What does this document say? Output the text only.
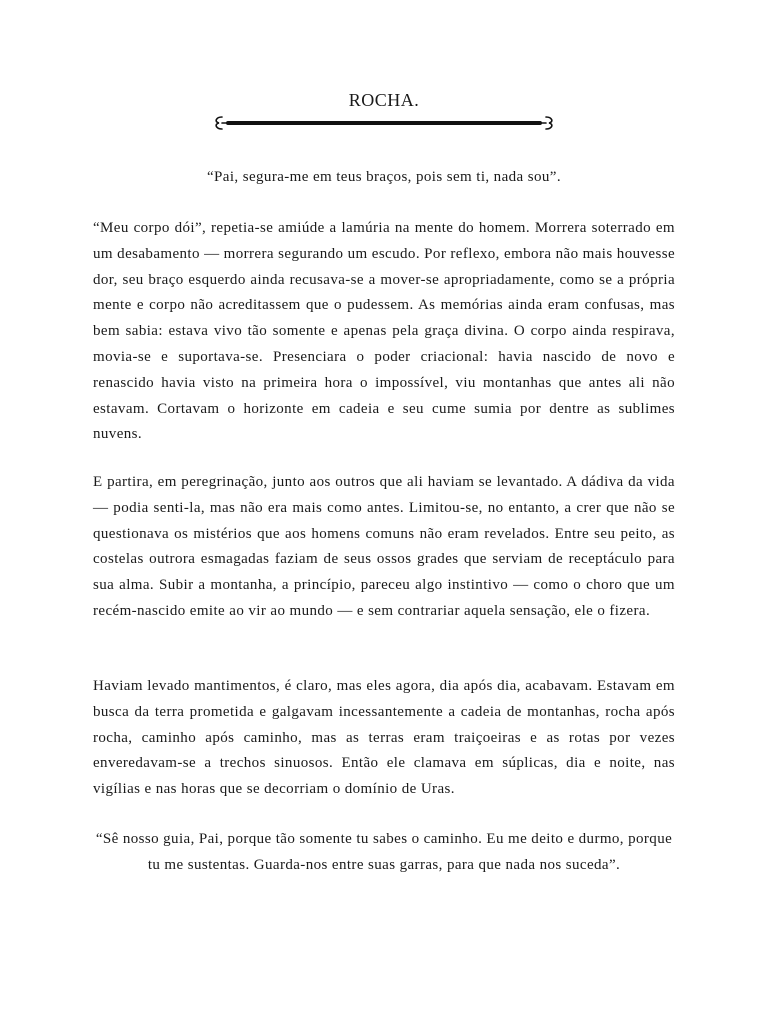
ROCHA.
“Pai, segura-me em teus braços, pois sem ti, nada sou”.

“Meu corpo dói”, repetia-se amiúde a lamúria na mente do homem. Morrera soterrado em um desabamento — morrera segurando um escudo. Por reflexo, embora não mais houvesse dor, seu braço esquerdo ainda recusava-se a mover-se apropriadamente, como se a própria mente e corpo não acreditassem que o pudessem. As memórias ainda eram confusas, mas bem sabia: estava vivo tão somente e apenas pela graça divina. O corpo ainda respirava, movia-se e suportava-se. Presenciara o poder criacional: havia nascido de novo e renascido havia visto na primeira hora o impossível, viu montanhas que antes ali não estavam. Cortavam o horizonte em cadeia e seu cume sumia por dentre as sublimes nuvens.

E partira, em peregrinação, junto aos outros que ali haviam se levantado. A dádiva da vida — podia senti-la, mas não era mais como antes. Limitou-se, no entanto, a crer que não se questionava os mistérios que aos homens comuns não eram revelados. Entre seu peito, as costelas outrora esmagadas faziam de seus ossos grades que serviam de receptáculo para sua alma. Subir a montanha, a princípio, pareceu algo instintivo — como o choro que um recém-nascido emite ao vir ao mundo — e sem contrariar aquela sensação, ele o fizera.

Haviam levado mantimentos, é claro, mas eles agora, dia após dia, acabavam. Estavam em busca da terra prometida e galgavam incessantemente a cadeia de montanhas, rocha após rocha, caminho após caminho, mas as terras eram traiçoeiras e as rotas por vezes enveredavam-se a trechos sinuosos. Então ele clamava em súplicas, dia e noite, nas vigílias e nas horas que se decorriam o domínio de Uras.

“Sê nosso guia, Pai, porque tão somente tu sabes o caminho. Eu me deito e durmo, porque tu me sustentas. Guarda-nos entre suas garras, para que nada nos suceda”.
